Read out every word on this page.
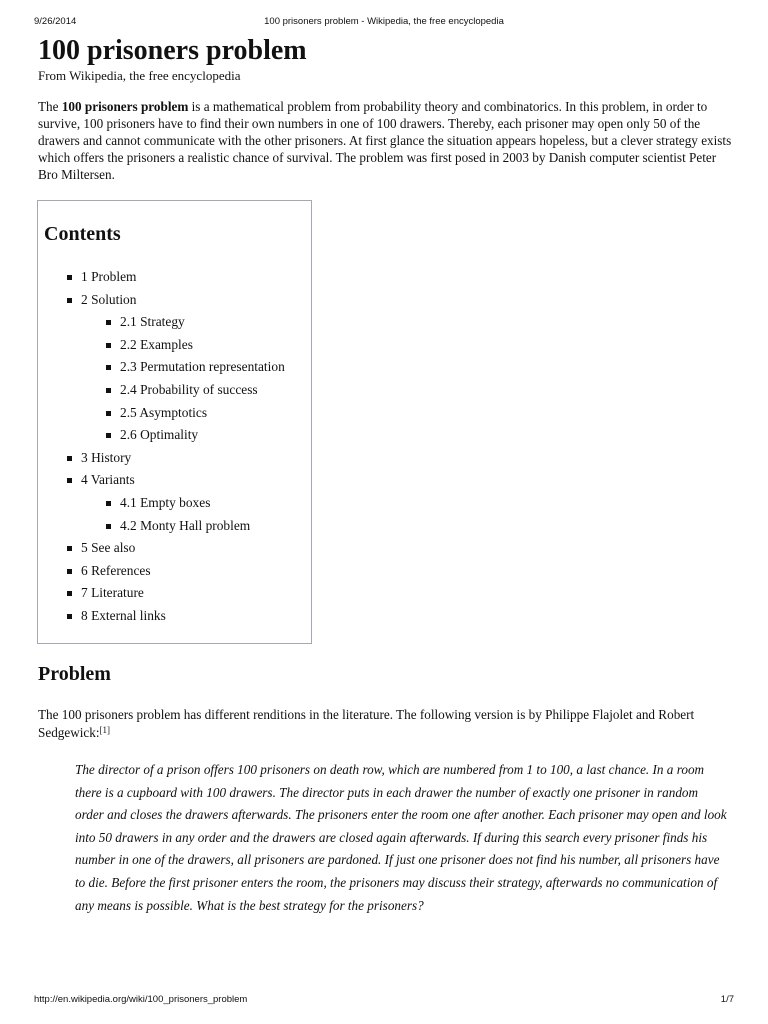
9/26/2014	100 prisoners problem - Wikipedia, the free encyclopedia
100 prisoners problem
From Wikipedia, the free encyclopedia

The 100 prisoners problem is a mathematical problem from probability theory and combinatorics. In this problem, in order to survive, 100 prisoners have to find their own numbers in one of 100 drawers. Thereby, each prisoner may open only 50 of the drawers and cannot communicate with the other prisoners. At first glance the situation appears hopeless, but a clever strategy exists which offers the prisoners a realistic chance of survival. The problem was first posed in 2003 by Danish computer scientist Peter Bro Miltersen.

Contents
1 Problem
2 Solution
2.1 Strategy
2.2 Examples
2.3 Permutation representation
2.4 Probability of success
2.5 Asymptotics
2.6 Optimality
3 History
4 Variants
4.1 Empty boxes
4.2 Monty Hall problem
5 See also
6 References
7 Literature
8 External links
Problem

The 100 prisoners problem has different renditions in the literature. The following version is by Philippe Flajolet and Robert Sedgewick:[1]

The director of a prison offers 100 prisoners on death row, which are numbered from 1 to 100, a last chance. In a room there is a cupboard with 100 drawers. The director puts in each drawer the number of exactly one prisoner in random order and closes the drawers afterwards. The prisoners enter the room one after another. Each prisoner may open and look into 50 drawers in any order and the drawers are closed again afterwards. If during this search every prisoner finds his number in one of the drawers, all prisoners are pardoned. If just one prisoner does not find his number, all prisoners have to die. Before the first prisoner enters the room, the prisoners may discuss their strategy, afterwards no communication of any means is possible. What is the best strategy for the prisoners?

http://en.wikipedia.org/wiki/100_prisoners_problem	1/7
